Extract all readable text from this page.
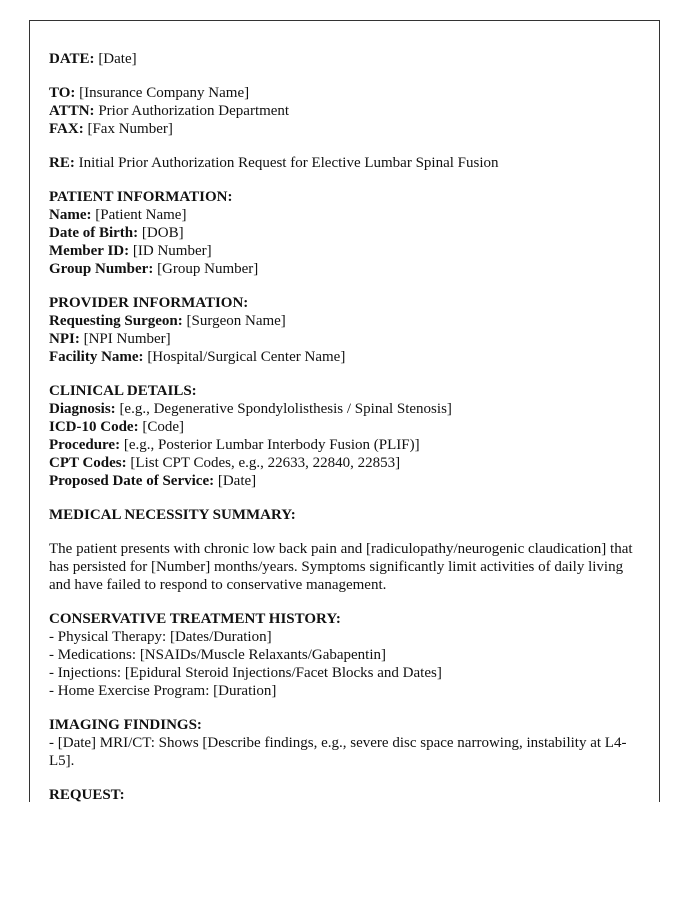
DATE: [Date]

TO: [Insurance Company Name]
ATTN: Prior Authorization Department
FAX: [Fax Number]

RE: Initial Prior Authorization Request for Elective Lumbar Spinal Fusion

PATIENT INFORMATION:
Name: [Patient Name]
Date of Birth: [DOB]
Member ID: [ID Number]
Group Number: [Group Number]

PROVIDER INFORMATION:
Requesting Surgeon: [Surgeon Name]
NPI: [NPI Number]
Facility Name: [Hospital/Surgical Center Name]

CLINICAL DETAILS:
Diagnosis: [e.g., Degenerative Spondylolisthesis / Spinal Stenosis]
ICD-10 Code: [Code]
Procedure: [e.g., Posterior Lumbar Interbody Fusion (PLIF)]
CPT Codes: [List CPT Codes, e.g., 22633, 22840, 22853]
Proposed Date of Service: [Date]

MEDICAL NECESSITY SUMMARY:

The patient presents with chronic low back pain and [radiculopathy/neurogenic claudication] that has persisted for [Number] months/years. Symptoms significantly limit activities of daily living and have failed to respond to conservative management.

CONSERVATIVE TREATMENT HISTORY:
- Physical Therapy: [Dates/Duration]
- Medications: [NSAIDs/Muscle Relaxants/Gabapentin]
- Injections: [Epidural Steroid Injections/Facet Blocks and Dates]
- Home Exercise Program: [Duration]

IMAGING FINDINGS:
- [Date] MRI/CT: Shows [Describe findings, e.g., severe disc space narrowing, instability at L4-L5].

REQUEST:
